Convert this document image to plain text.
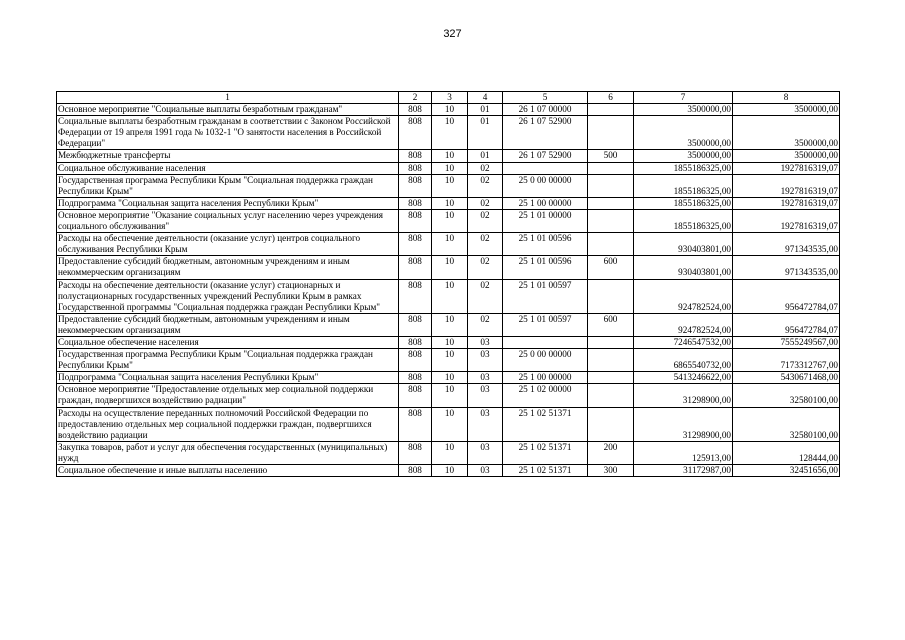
327
1	2	3	4	5	6	7	8
Основное мероприятие "Социальные выплаты безработным гражданам"	808	10	01	26 1 07 00000		3500000,00	3500000,00
Социальные выплаты безработным гражданам в соответствии с Законом Российской Федерации от 19 апреля 1991 года № 1032-1 "О занятости населения в Российской Федерации"	808	10	01	26 1 07 52900		3500000,00	3500000,00
Межбюджетные трансферты	808	10	01	26 1 07 52900	500	3500000,00	3500000,00
Социальное обслуживание населения	808	10	02			1855186325,00	1927816319,07
Государственная программа Республики Крым "Социальная поддержка граждан Республики Крым"	808	10	02	25 0 00 00000		1855186325,00	1927816319,07
Подпрограмма "Социальная защита населения Республики Крым"	808	10	02	25 1 00 00000		1855186325,00	1927816319,07
Основное мероприятие "Оказание социальных услуг населению через учреждения социального обслуживания"	808	10	02	25 1 01 00000		1855186325,00	1927816319,07
Расходы на обеспечение деятельности (оказание услуг) центров социального обслуживания Республики Крым	808	10	02	25 1 01 00596		930403801,00	971343535,00
Предоставление субсидий бюджетным, автономным учреждениям и иным некоммерческим организациям	808	10	02	25 1 01 00596	600	930403801,00	971343535,00
Расходы на обеспечение деятельности (оказание услуг) стационарных и полустационарных государственных учреждений Республики Крым в рамках Государственной программы "Социальная поддержка граждан Республики Крым"	808	10	02	25 1 01 00597		924782524,00	956472784,07
Предоставление субсидий бюджетным, автономным учреждениям и иным некоммерческим организациям	808	10	02	25 1 01 00597	600	924782524,00	956472784,07
Социальное обеспечение населения	808	10	03			7246547532,00	7555249567,00
Государственная программа Республики Крым "Социальная поддержка граждан Республики Крым"	808	10	03	25 0 00 00000		6865540732,00	7173312767,00
Подпрограмма "Социальная защита населения Республики Крым"	808	10	03	25 1 00 00000		5413246622,00	5430671468,00
Основное мероприятие "Предоставление отдельных мер социальной поддержки граждан, подвергшихся воздействию радиации"	808	10	03	25 1 02 00000		31298900,00	32580100,00
Расходы на осуществление переданных полномочий Российской Федерации по предоставлению отдельных мер социальной поддержки граждан, подвергшихся воздействию радиации	808	10	03	25 1 02 51371		31298900,00	32580100,00
Закупка товаров, работ и услуг для обеспечения государственных (муниципальных) нужд	808	10	03	25 1 02 51371	200	125913,00	128444,00
Социальное обеспечение и иные выплаты населению	808	10	03	25 1 02 51371	300	31172987,00	32451656,00
